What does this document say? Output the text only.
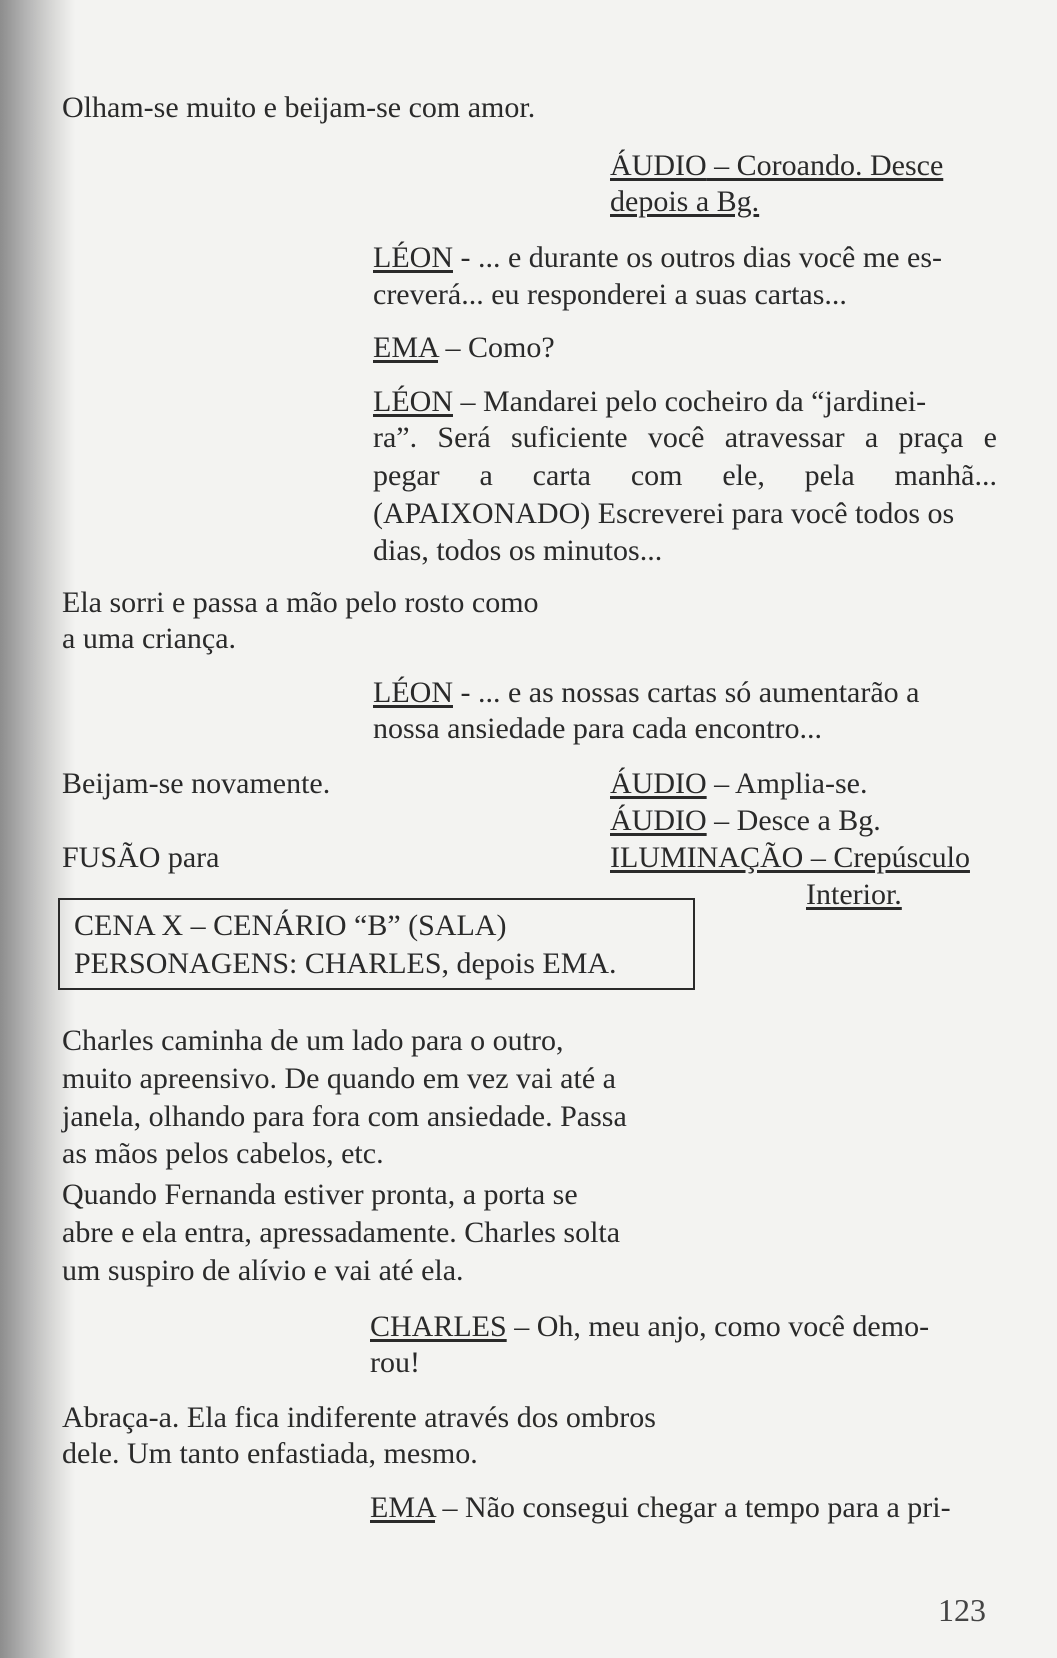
Olham-se muito e beijam-se com amor.
ÁUDIO – Coroando. Desce
depois a Bg.
LÉON - ... e durante os outros dias você me es-
creverá... eu responderei a suas cartas...
EMA – Como?
LÉON – Mandarei pelo cocheiro da “jardinei-
ra”. Será suficiente você atravessar a praça e
pegar a carta com ele, pela manhã...
(APAIXONADO) Escreverei para você todos os
dias, todos os minutos...
Ela sorri e passa a mão pelo rosto como
a uma criança.
LÉON - ... e as nossas cartas só aumentarão a
nossa ansiedade para cada encontro...
Beijam-se novamente.	ÁUDIO – Amplia-se.
ÁUDIO – Desce a Bg.
FUSÃO para	ILUMINAÇÃO – Crepúsculo
Interior.
CENA X – CENÁRIO “B” (SALA)
PERSONAGENS: CHARLES, depois EMA.
Charles caminha de um lado para o outro,
muito apreensivo. De quando em vez vai até a
janela, olhando para fora com ansiedade. Passa
as mãos pelos cabelos, etc.
Quando Fernanda estiver pronta, a porta se
abre e ela entra, apressadamente. Charles solta
um suspiro de alívio e vai até ela.
CHARLES – Oh, meu anjo, como você demo-
rou!
Abraça-a. Ela fica indiferente através dos ombros
dele. Um tanto enfastiada, mesmo.
EMA – Não consegui chegar a tempo para a pri-
123
